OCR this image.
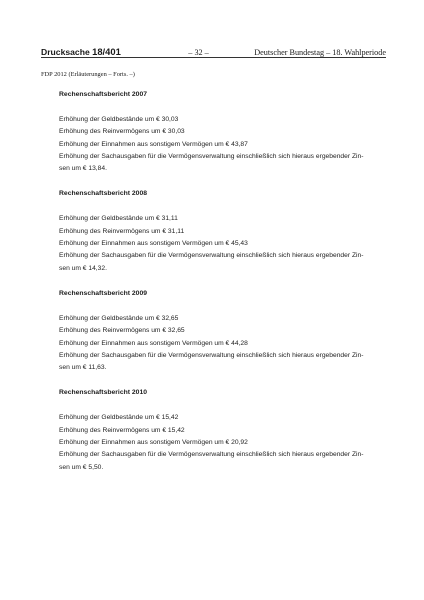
Drucksache 18/401	– 32 –	Deutscher Bundestag – 18. Wahlperiode
FDP 2012 (Erläuterungen – Forts. –)
Rechenschaftsbericht 2007
Erhöhung der Geldbestände um € 30,03
Erhöhung des Reinvermögens um € 30,03
Erhöhung der Einnahmen aus sonstigem Vermögen um € 43,87
Erhöhung der Sachausgaben für die Vermögensverwaltung einschließlich sich hieraus ergebender Zin-
sen um € 13,84.
Rechenschaftsbericht 2008
Erhöhung der Geldbestände um € 31,11
Erhöhung des Reinvermögens um € 31,11
Erhöhung der Einnahmen aus sonstigem Vermögen um € 45,43
Erhöhung der Sachausgaben für die Vermögensverwaltung einschließlich sich hieraus ergebender Zin-
sen um € 14,32.
Rechenschaftsbericht 2009
Erhöhung der Geldbestände um € 32,65
Erhöhung des Reinvermögens um € 32,65
Erhöhung der Einnahmen aus sonstigem Vermögen um € 44,28
Erhöhung der Sachausgaben für die Vermögensverwaltung einschließlich sich hieraus ergebender Zin-
sen um € 11,63.
Rechenschaftsbericht 2010
Erhöhung der Geldbestände um € 15,42
Erhöhung des Reinvermögens um € 15,42
Erhöhung der Einnahmen aus sonstigem Vermögen um € 20,92
Erhöhung der Sachausgaben für die Vermögensverwaltung einschließlich sich hieraus ergebender Zin-
sen um € 5,50.
